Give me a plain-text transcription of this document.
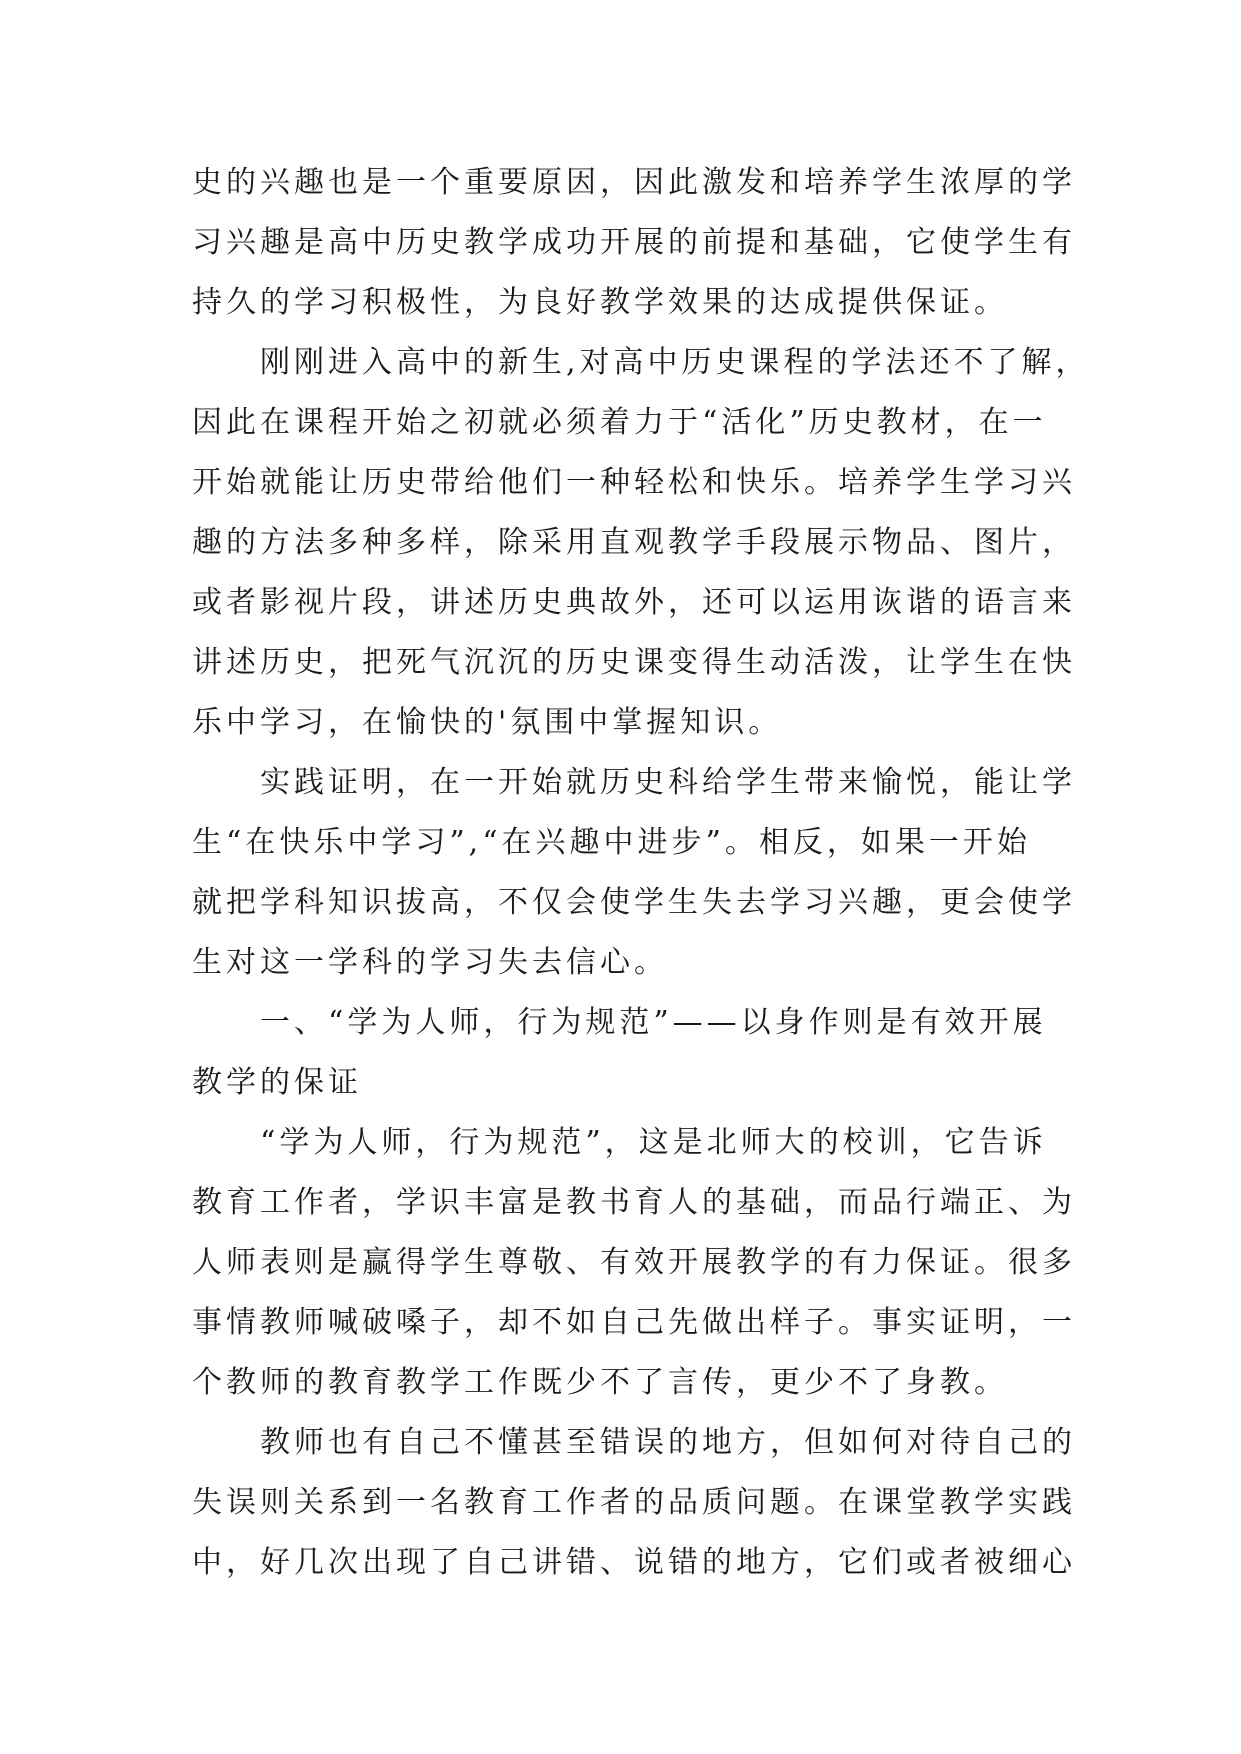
史的兴趣也是一个重要原因，因此激发和培养学生浓厚的学
习兴趣是高中历史教学成功开展的前提和基础，它使学生有
持久的学习积极性，为良好教学效果的达成提供保证。
　　刚刚进入高中的新生,对高中历史课程的学法还不了解，
因此在课程开始之初就必须着力于“活化”历史教材，在一
开始就能让历史带给他们一种轻松和快乐。培养学生学习兴
趣的方法多种多样，除采用直观教学手段展示物品、图片，
或者影视片段，讲述历史典故外，还可以运用诙谐的语言来
讲述历史，把死气沉沉的历史课变得生动活泼，让学生在快
乐中学习，在愉快的'氛围中掌握知识。
　　实践证明，在一开始就历史科给学生带来愉悦，能让学
生“在快乐中学习”,“在兴趣中进步”。相反，如果一开始
就把学科知识拔高，不仅会使学生失去学习兴趣，更会使学
生对这一学科的学习失去信心。
　　一、“学为人师，行为规范”——以身作则是有效开展
教学的保证
　　“学为人师，行为规范”，这是北师大的校训，它告诉
教育工作者，学识丰富是教书育人的基础，而品行端正、为
人师表则是赢得学生尊敬、有效开展教学的有力保证。很多
事情教师喊破嗓子，却不如自己先做出样子。事实证明，一
个教师的教育教学工作既少不了言传，更少不了身教。
　　教师也有自己不懂甚至错误的地方，但如何对待自己的
失误则关系到一名教育工作者的品质问题。在课堂教学实践
中，好几次出现了自己讲错、说错的地方，它们或者被细心
